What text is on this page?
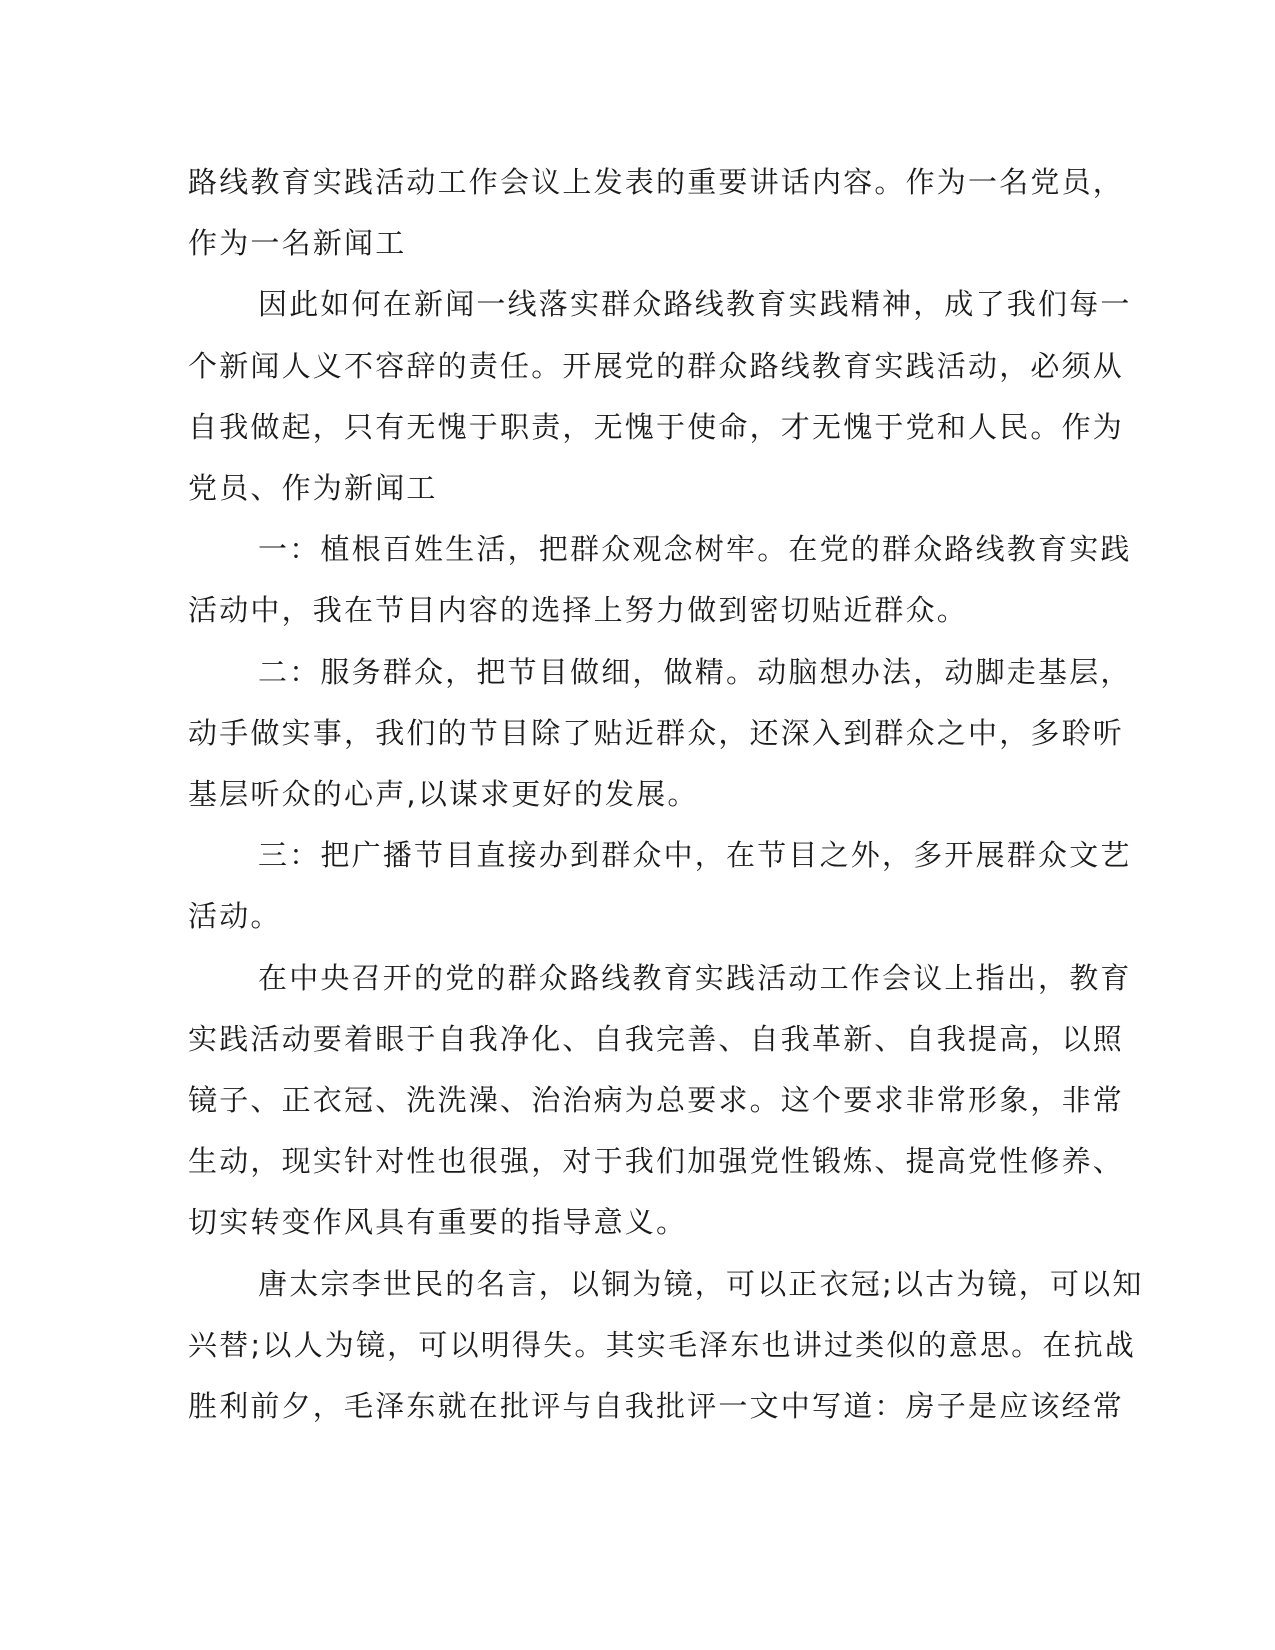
路线教育实践活动工作会议上发表的重要讲话内容。作为一名党员，

作为一名新闻工

因此如何在新闻一线落实群众路线教育实践精神，成了我们每一

个新闻人义不容辞的责任。开展党的群众路线教育实践活动，必须从

自我做起，只有无愧于职责，无愧于使命，才无愧于党和人民。作为

党员、作为新闻工

一：植根百姓生活，把群众观念树牢。在党的群众路线教育实践

活动中，我在节目内容的选择上努力做到密切贴近群众。

二：服务群众，把节目做细，做精。动脑想办法，动脚走基层，

动手做实事，我们的节目除了贴近群众，还深入到群众之中，多聆听

基层听众的心声,以谋求更好的发展。

三：把广播节目直接办到群众中，在节目之外，多开展群众文艺

活动。

在中央召开的党的群众路线教育实践活动工作会议上指出，教育

实践活动要着眼于自我净化、自我完善、自我革新、自我提高，以照

镜子、正衣冠、洗洗澡、治治病为总要求。这个要求非常形象，非常

生动，现实针对性也很强，对于我们加强党性锻炼、提高党性修养、

切实转变作风具有重要的指导意义。

唐太宗李世民的名言，以铜为镜，可以正衣冠;以古为镜，可以知

兴替;以人为镜，可以明得失。其实毛泽东也讲过类似的意思。在抗战

胜利前夕，毛泽东就在批评与自我批评一文中写道：房子是应该经常
